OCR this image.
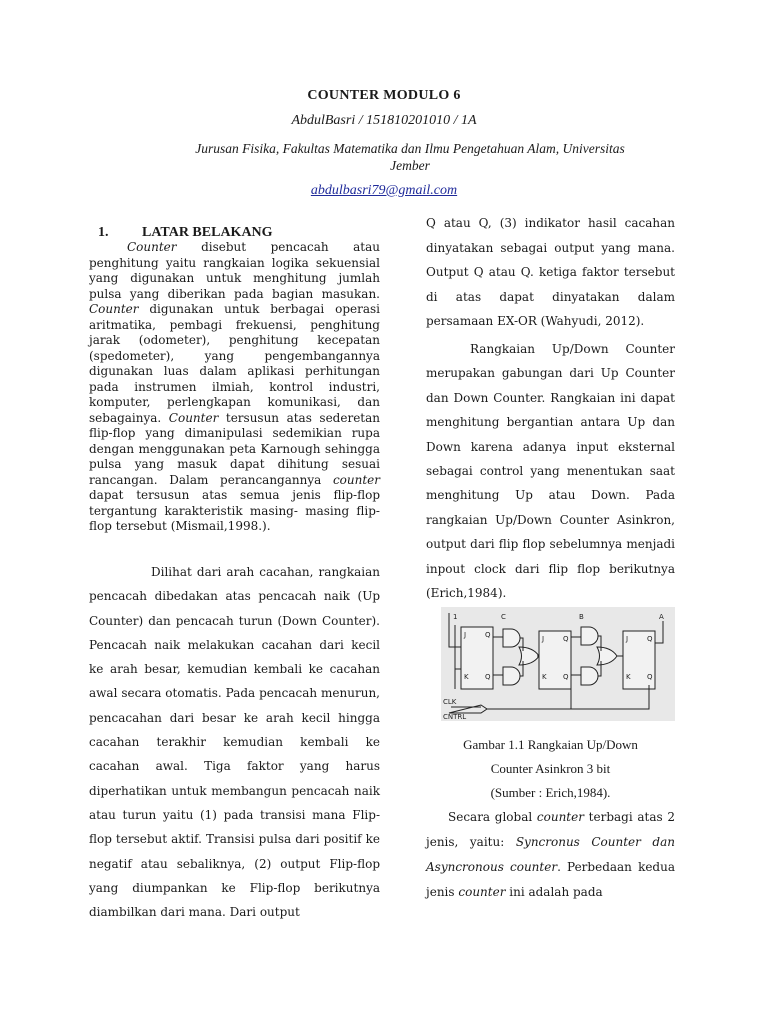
COUNTER MODULO 6
AbdulBasri / 151810201010 / 1A
Jurusan Fisika, Fakultas Matematika dan Ilmu Pengetahuan Alam, Universitas Jember
abdulbasri79@gmail.com
1. LATAR BELAKANG
Counter disebut pencacah atau penghitung yaitu rangkaian logika sekuensial yang digunakan untuk menghitung jumlah pulsa yang diberikan pada bagian masukan. Counter digunakan untuk berbagai operasi aritmatika, pembagi frekuensi, penghitung jarak (odometer), penghitung kecepatan (spedometer), yang pengembangannya digunakan luas dalam aplikasi perhitungan pada instrumen ilmiah, kontrol industri, komputer, perlengkapan komunikasi, dan sebagainya. Counter tersusun atas sederetan flip-flop yang dimanipulasi sedemikian rupa dengan menggunakan peta Karnough sehingga pulsa yang masuk dapat dihitung sesuai rancangan. Dalam perancangannya counter dapat tersusun atas semua jenis flip-flop tergantung karakteristik masing- masing flip-flop tersebut (Mismail,1998.).
Dilihat dari arah cacahan, rangkaian pencacah dibedakan atas pencacah naik (Up Counter) dan pencacah turun (Down Counter). Pencacah naik melakukan cacahan dari kecil ke arah besar, kemudian kembali ke cacahan awal secara otomatis. Pada pencacah menurun, pencacahan dari besar ke arah kecil hingga cacahan terakhir kemudian kembali ke cacahan awal. Tiga faktor yang harus diperhatikan untuk membangun pencacah naik atau turun yaitu (1) pada transisi mana Flip-flop tersebut aktif. Transisi pulsa dari positif ke negatif atau sebaliknya, (2) output Flip-flop yang diumpankan ke Flip-flop berikutnya diambilkan dari mana. Dari output
Q atau Q, (3) indikator hasil cacahan dinyatakan sebagai output yang mana. Output Q atau Q. ketiga faktor tersebut di atas dapat dinyatakan dalam persamaan EX-OR (Wahyudi, 2012).
Rangkaian Up/Down Counter merupakan gabungan dari Up Counter dan Down Counter. Rangkaian ini dapat menghitung bergantian antara Up dan Down karena adanya input eksternal sebagai control yang menentukan saat menghitung Up atau Down. Pada rangkaian Up/Down Counter Asinkron, output dari flip flop sebelumnya menjadi inpout clock dari flip flop berikutnya (Erich,1984).
1
J
K
Q
Q
C
J
K
Q
Q
B
J
K
Q
Q
A
CLK
CNTRL
Gambar 1.1 Rangkaian Up/Down
Counter Asinkron 3 bit
(Sumber : Erich,1984).
Secara global counter terbagi atas 2 jenis, yaitu: Syncronus Counter dan Asyncronous counter. Perbedaan kedua jenis counter ini adalah pada
